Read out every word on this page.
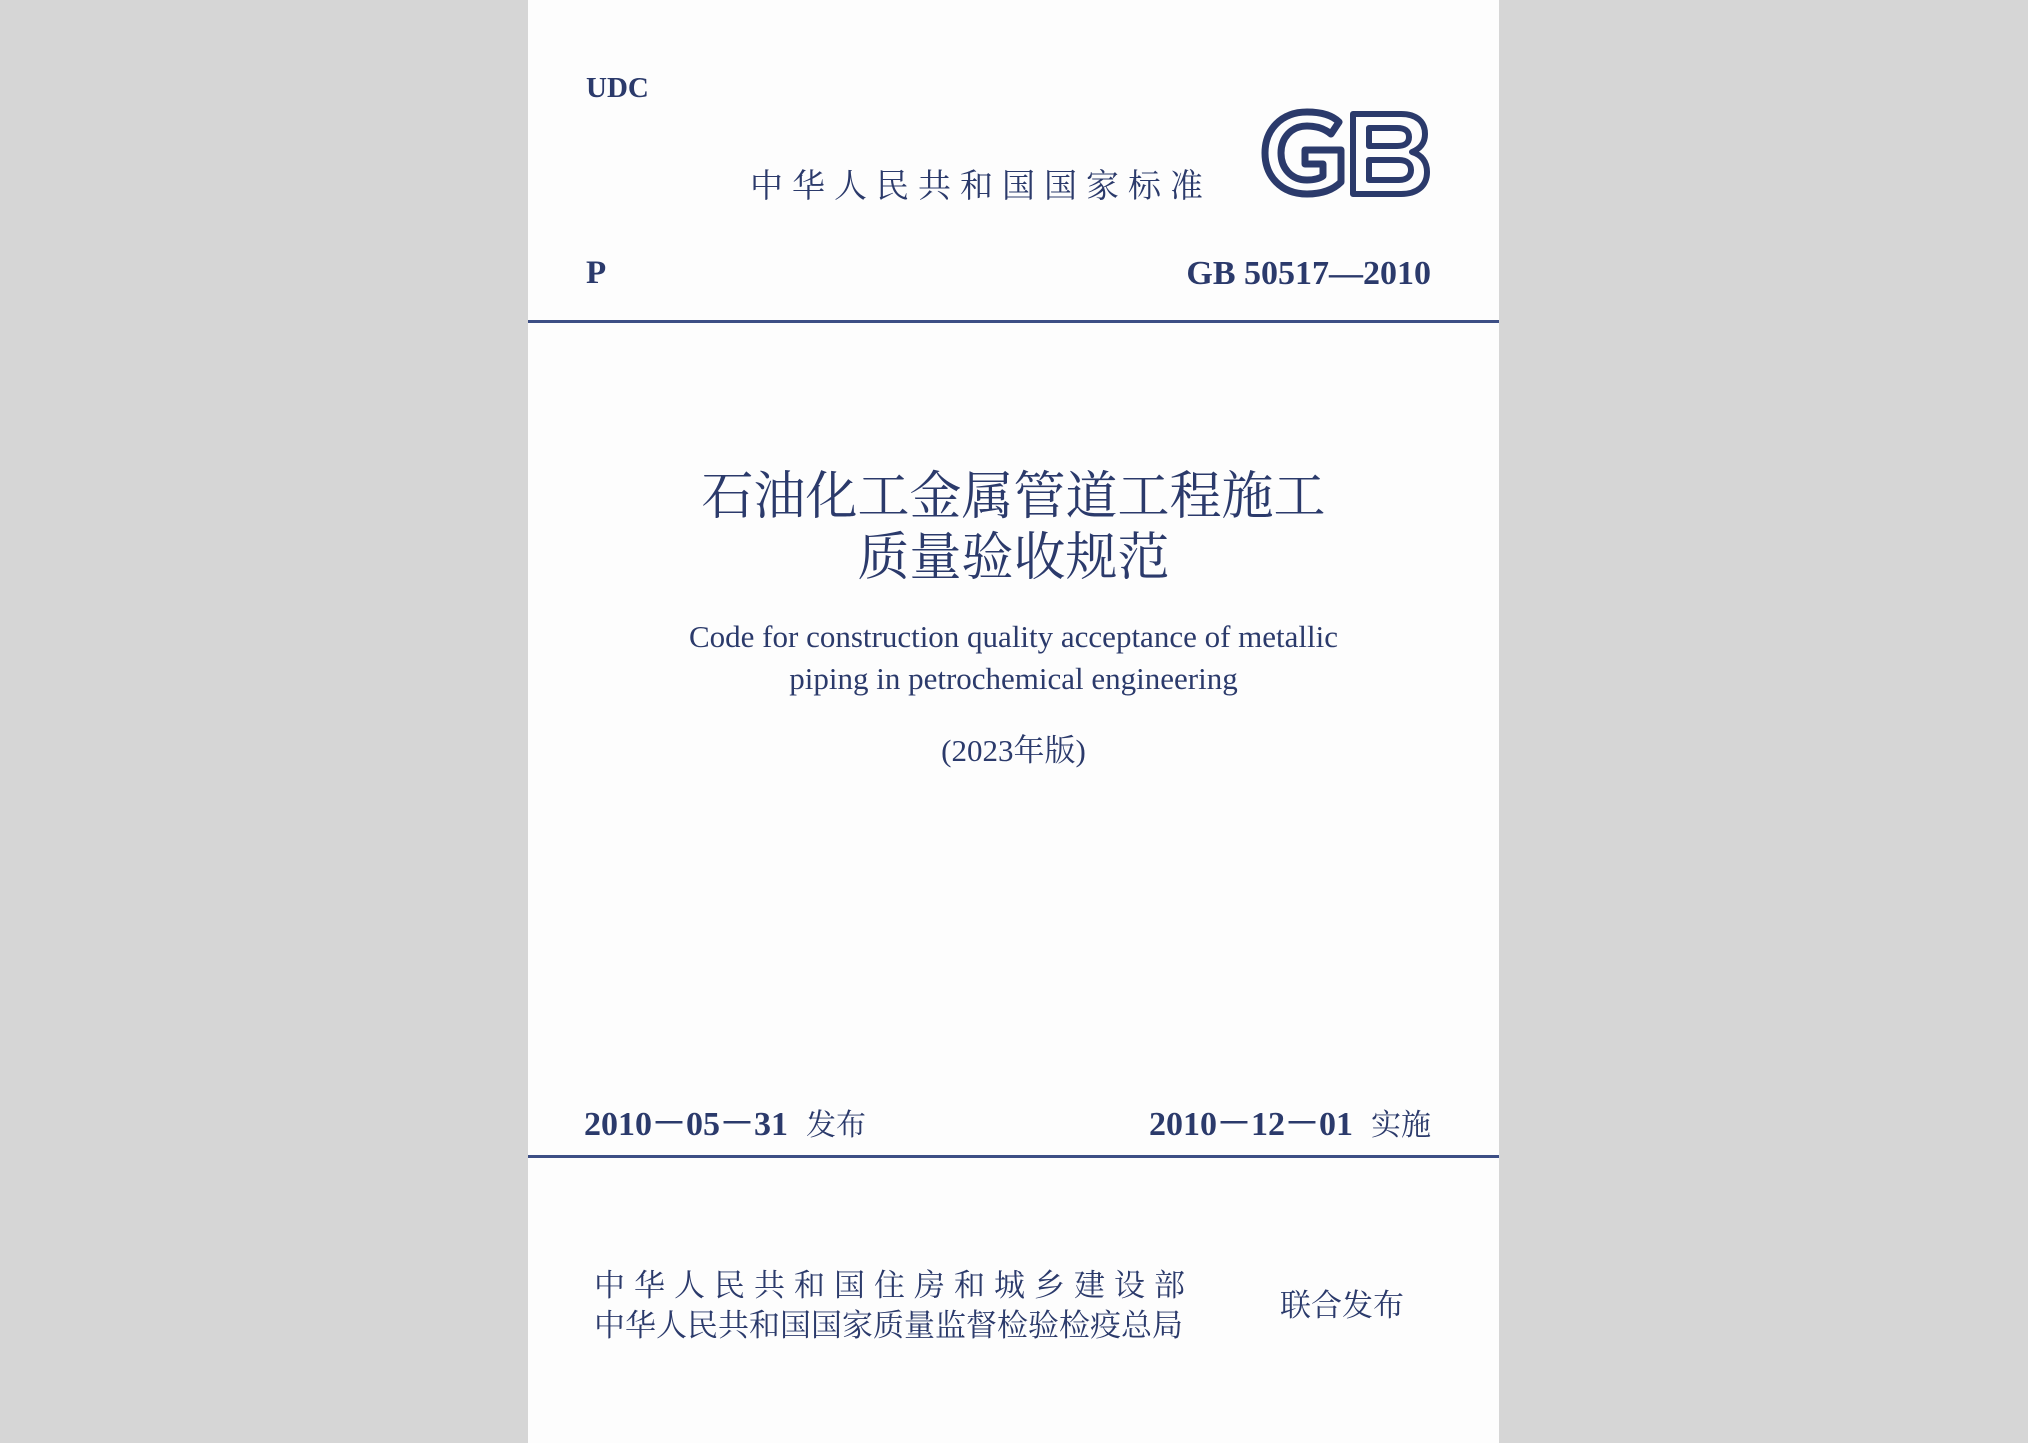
UDC
中华人民共和国国家标准
P	GB 50517—2010
石油化工金属管道工程施工
质量验收规范
Code for construction quality acceptance of metallic
piping in petrochemical engineering
(2023年版)
2010－05－31 发布	2010－12－01 实施
中华人民共和国住房和城乡建设部
中华人民共和国国家质量监督检验检疫总局
联合发布
